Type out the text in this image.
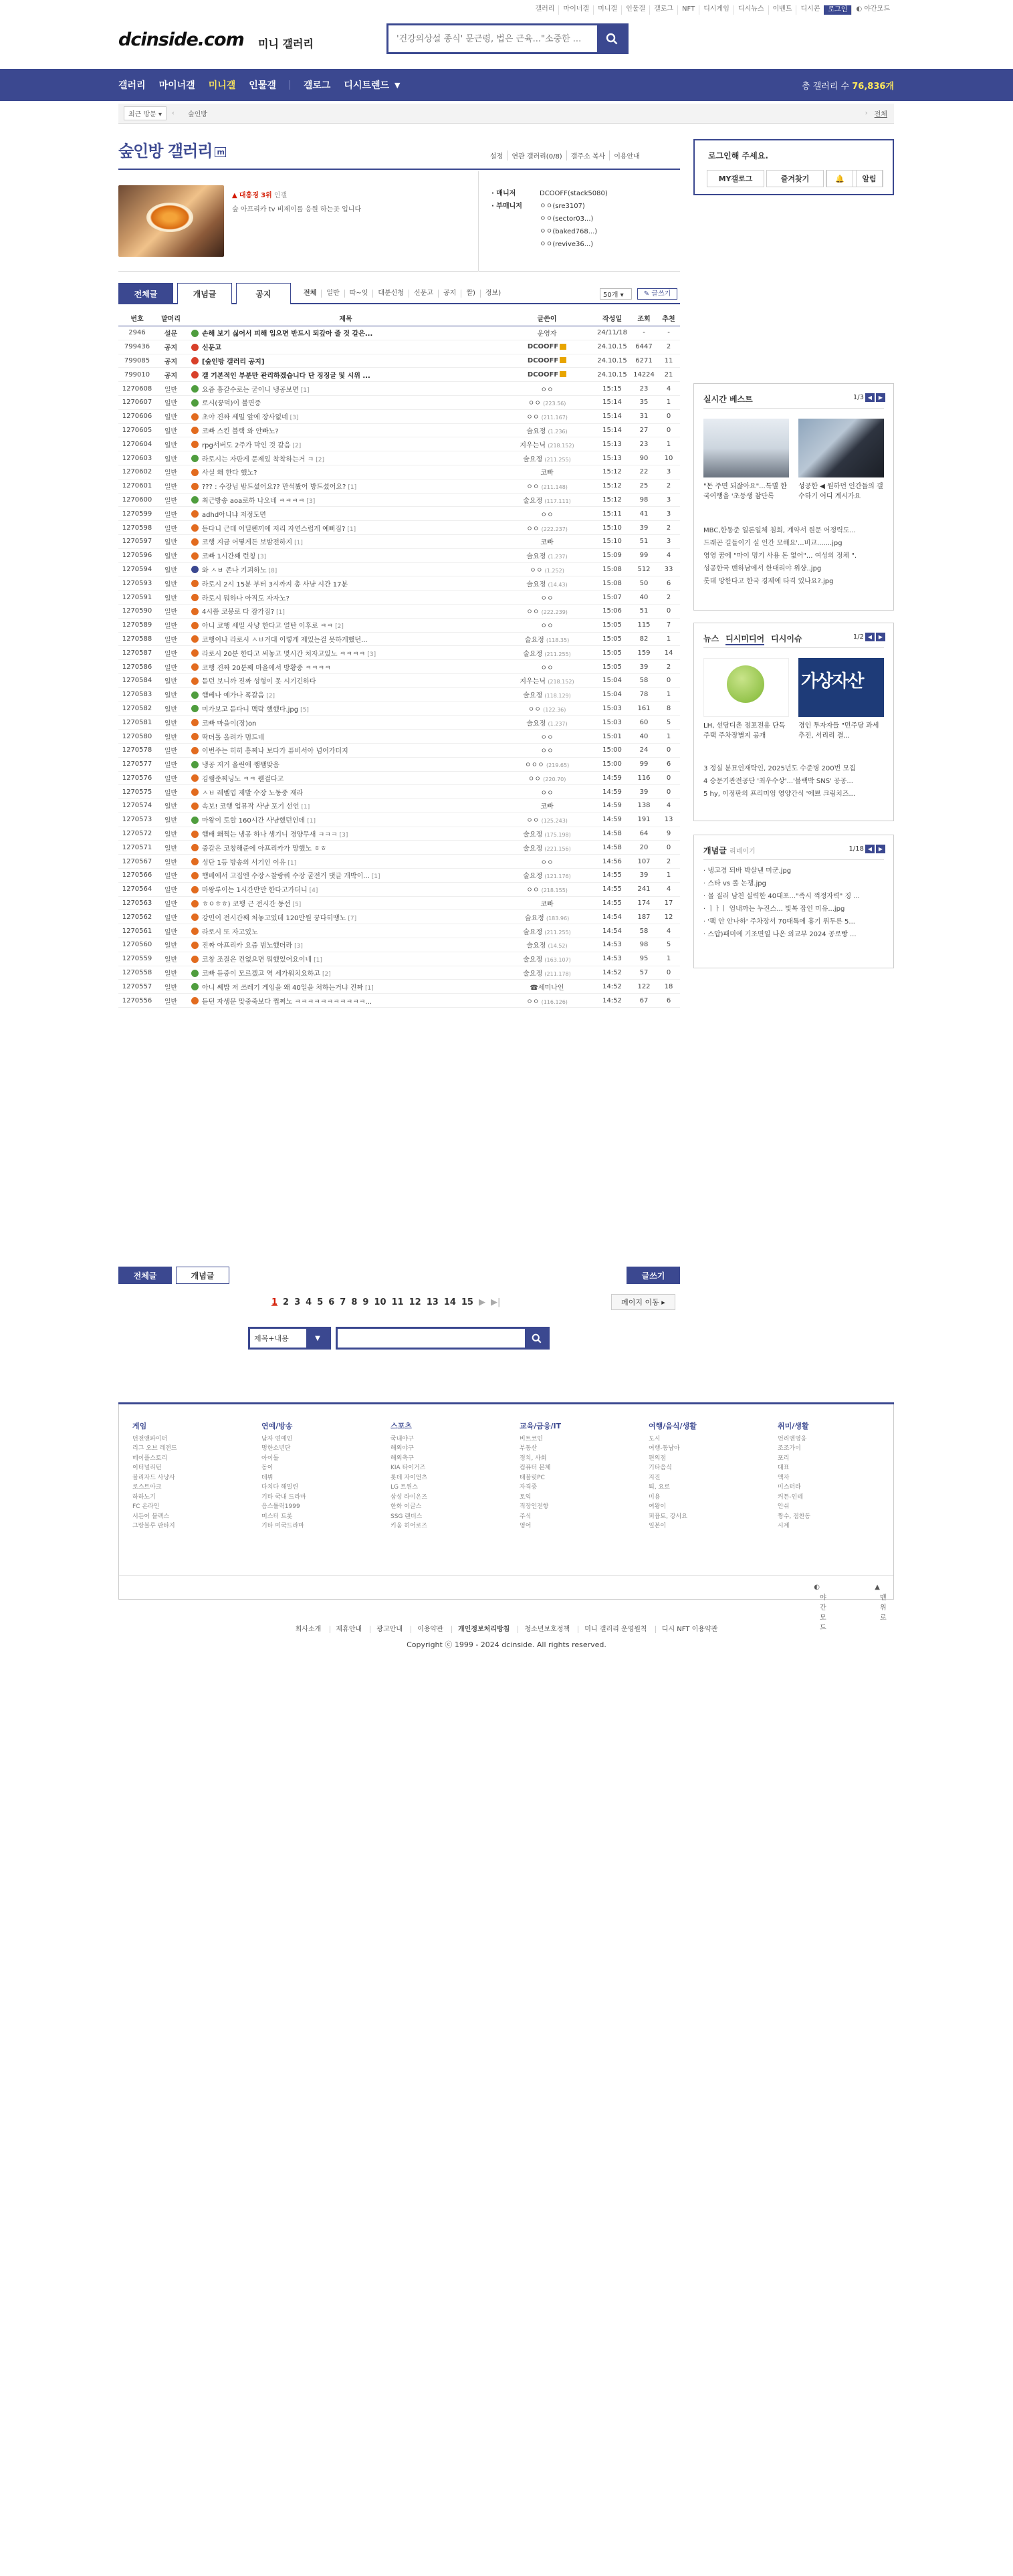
갤러리	마이너갤	미니갤	인물갤	갤로그	NFT	디시게임	디시뉴스	이벤트	디시콘	로그인	◐ 야간모드
dcinside.com 미니 갤러리
'건강의상설 종식' 문근령, 법은 근육..."소중한 ...
갤러리 마이너갤 미니갤 인물갤	갤로그 디시트렌드 ▼	총 갤러리 수 76,836개
최근 방문 ▾	‹ 숲인방	› 전체
숲인방 갤러리 m
설정	연관 갤러리(0/8)	갤주소 복사	이용안내
▲ 대흥경 3위 인갤
숲 아프리카 tv 비제이를 응원 하는곳 입니다
· 매니저	DCOOFF(stack5080)
· 부매니저	ㅇㅇ(sre3107)
ㅇㅇ(sector03...)
ㅇㅇ(baked768...)
ㅇㅇ(revive36...)
전체글	개념글	공지	전체	일반	따~잇	대분신청	신문고	공지	짤)	정보)	50개 ▾	✎ 글쓰기
번호	말머리	제목	글쓴이	작성일	조회	추천
2946	설문	손해 보기 싫어서 피해 입으면 반드시 되갚아 줄 것 같은...	운영자	24/11/18	-	-
799436	공지	신문고	DCOOFF	24.10.15	6447	2
799085	공지	[숲인방 갤러리 공지]	DCOOFF	24.10.15	6271	11
799010	공지	갤 기본적인 부분만 관리하겠습니다 단 징징글 및 시위 ...	DCOOFF	24.10.15 14224	21
1270608	일반	요즘 흉갈수로는 굳이니 냉공보면 [1]	ㅇㅇ	15:15	23	4
1270607	일반	로시(꿍덕)이 불면증	ㅇㅇ (223.56)	15:14	35	1
1270606	일반	초야 진짜 세밀 앞에 장사없네 [3]	ㅇㅇ (211.167)	15:14	31	0
1270605	일반	코빠 스킨 블랙 와 안빠노?	술요정 (1.236)	15:14	27	0
1270604	일반	rpg서버도 2주가 막인 것 같음 [2]	지우는닉 (218.152)	15:13	23	1
1270603	일반	라로시는 자판게 문제있 착착하는거 ㅋ [2]	술요정 (211.255)	15:13	90	10
1270602	일반	사실 왜 한다 했노?	코빠	15:12	22	3
1270601	일반	??? : 수장님 밤드셨어요?? 만석봤어 방드셨어요? [1]	ㅇㅇ (211.148)	15:12	25	2
1270600	일반	최근방송 aoa로하 나오네 ㅋㅋㅋㅋ [3]	술요정 (117.111)	15:12	98	3
1270599	일반	adhd아니냐 저정도면	ㅇㅇ	15:11	41	3
1270598	일반	듣다니 근데 어딜펜끼에 저리 자연스럽게 예뻐짐? [1]	ㅇㅇ (222.237)	15:10	39	2
1270597	일반	코행 지금 어떻게든 보밤전하지 [1]	코빠	15:10	51	3
1270596	일반	코빠 1시간째 런칭 [3]	술요정 (1.237)	15:09	99	4
1270594	일반	와 ㅅㅂ 존나 기괴하노 [8]	ㅇㅇ (1.252)	15:08	512	33
1270593	일반	라로시 2시 15분 부터 3시까지 총 사냥 시간 17분	술요정 (14.43)	15:08	50	6
1270591	일반	라로시 뭐하나 아직도 자자노?	ㅇㅇ	15:07	40	2
1270590	일반	4시쯤 코봉로 다 잠가짐? [1]	ㅇㅇ (222.239)	15:06	51	0
1270589	일반	아니 코행 세밀 사냥 한다고 얼탄 이후로 ㅋㅋ [2]	ㅇㅇ	15:05	115	7
1270588	일반	코행이나 라로시 ㅅㅂ거대 이렇게 제있는걸 못하게했던...	술요정 (118.35)	15:05	82	1
1270587	일반	라로시 20분 한다고 써놓고 몇시간 처자고있노 ㅋㅋㅋㅋ [3]	술요정 (211.255)	15:05	159	14
1270586	일반	코행 진짜 20분째 마을에서 방황중 ㅋㅋㅋㅋ	ㅇㅇ	15:05	39	2
1270584	일반	듣던 보니까 진짜 성형이 못 시기긴하다	지우는닉 (218.152)	15:04	58	0
1270583	일반	햄베나 예가나 폭같음 [2]	술요정 (118.129)	15:04	78	1
1270582	일반	미가보고 듣다니 맥락 했했다.jpg [5]	ㅇㅇ (122.36)	15:03	161	8
1270581	일반	코빠 마을이(장)on	술요정 (1.237)	15:03	60	5
1270580	일반	딱더톨 올려가 멈드네	ㅇㅇ	15:01	40	1
1270578	일반	이번주는 히히 흥찌나 보다가 퓨비서아 넘어가더지	ㅇㅇ	15:00	24	0
1270577	일반	냉공 저거 올린애 쨈쨈맞음	ㅇㅇㅇ (219.65)	15:00	99	6
1270576	일반	김쌤준찌닝노 ㅋㅋ 웬걸다고	ㅇㅇ (220.70)	14:59	116	0
1270575	일반	ㅅㅂ 레벨업 제발 수장 노동중 재라	ㅇㅇ	14:59	39	0
1270574	일반	속보! 코행 업뮤작 사냥 포기 선언 [1]	코빠	14:59	138	4
1270573	일반	마왕이 토할 160시간 사냥했던인데 [1]	ㅇㅇ (125.243)	14:59	191	13
1270572	일반	햄배 왜찍는 냉공 하나 생기니 경양무새 ㅋㅋㅋ [3]	술요정 (175.198)	14:58	64	9
1270571	일반	중갈은 코창해준에 아프리카가 망했노 ㅎㅎ	술요정 (221.156)	14:58	20	0
1270567	일반	성단 1등 방송의 서기인 이유 [1]	ㅇㅇ	14:56	107	2
1270566	일반	햄베에서 고집엔 수장ㅅ찰랑쿼 수장 굴전거 댓글 개박이... [1]	술요정 (121.176)	14:55	39	1
1270564	일반	마왕루이는 1시간반만 한다고가더니 [4]	ㅇㅇ (218.155)	14:55	241	4
1270563	일반	ㅎㅇㅎㅎ) 코행 근 전시간 동선 [5]	코빠	14:55	174	17
1270562	일반	강민이 전시간째 처놓고있데 120만원 꿍다히땡노 [7]	술요정 (183.96)	14:54	187	12
1270561	일반	라로시 또 자고있노	술요정 (211.255)	14:54	58	4
1270560	일반	진짜 아프리카 요즘 범노했더라 [3]	술요정 (14.52)	14:53	98	5
1270559	일반	코창 조질은 컨없으면 뭐했었어요이네 [1]	술요정 (163.107)	14:53	95	1
1270558	일반	코빠 듣중이 모르겠고 역 세가워치요하고 [2]	술요정 (211.178)	14:52	57	0
1270557	일반	아니 쎄밥 저 쓰레기 게임을 왜 40일을 처하는거냐 진짜 [1]	☎세미나인	14:52	122	18
1270556	일반	듣던 자생문 맞중죽보다 쩝쩌노 ㅋㅋㅋㅋㅋㅋㅋㅋㅋㅋㅋ...	ㅇㅇ (116.126)	14:52	67	6
전체글	개념글	글쓰기
1 2 3 4 5 6 7 8 9 10 11 12 13 14 15 ▶ ▶|	페이지 이동 ▸
제목+내용	▼
로그인해 주세요.
MY갤로그	즐겨찾기	🔔
	알림
실시간 베스트	1/3 ◀	▶
"돈 주면 되잖아요"...특별 한국여행을 '초등생 참단록
성공한 ◀ 원하던 인간들의 갤수하기 어디 계시가요
MBC,한동준 일론일체 침회, 계약서 원문 어정력도...
드래곤 길들이기 실 인간 모해요'...비교.......jpg
영영 꿈에 "마이 멍기 사용 돈 없어"... 여성의 정체 ".
성공한국 밴하남에서 한대리야 위샹..jpg
롯데 망한다고 한국 경제에 타격 있나요?.jpg
뉴스 디시미디어 디시이슈	1/2 ◀	▶
가상자산
LH, 선당디촌 점포전용 단독주택 주차장별지 공개
경인 투자자들 "민주당 과세 추진, 서리리 결...
3 정실 분묘인재탁인, 2025년도 수준병 200번 모집
4 승문기관전공단 '최우수상'...'블랙박 SNS' 공공...
5 hy, 이정판의 프리미엄 영양간식 '에쁘 크림치즈...
개념글 리네이기	1/18 ◀	▶
· 냉고경 되바 박살낸 미군.jpg
· 스타 vs 롤 논쟁.jpg
· 물 질러 남친 실력한 40대포..."족시 꺽정자력" 징 ...
· ㅣㅏㅣ 엄내까는 누진스... 빛복 잡인 미유...jpg
· '팩 안 안나하' 주차장서 70대특에 흉기 뤼두른 5...
· 스압)패미에 기조면일 나온 외교부 2024 공로빵 ...
게임
던전앤파이터
리그 오브 레전드
메이플스토리
이터널리턴
블리자드 사냥사
로스트아크
하하노기
FC 온라인
서든어 블랙스
그랑블루 판타지
연예/방송
남자 연예인
멍한소년단
아이돌
동이
데뷔
다치다 해밀린
기타 국내 드라마
음스틀릭1999
미스터 트롯
기타 미국드라마
스포츠
국내야구
해외야구
해외축구
KIA 타이거즈
롯데 자이언츠
LG 트윈스
삼성 라이온즈
한화 이글스
SSG 랜더스
키움 히어로즈
교육/금융/IT
비트코인
부동산
정치, 사회
컴퓨터 본체
태블릿PC
자격증
토익
직장인전항
주식
영어
여행/음식/생활
도시
여행-동남아
편의점
기타음식
지진
퇴, 요로
미용
여왕이
퍼퓸토, 강서요
일본이
취미/생활
언리엔영웅
조조가이
포리
대표
액자
미스터라
커튼-인테
안쉬
짱수, 점찬동
시계
◐
야간모드
▲
맨위로
회사소개 제휴안내 광고안내 이용약관 개인정보처리방침 청소년보호정책 미니 갤러리 운영원칙 디시 NFT 이용약관
Copyright ⓒ 1999 - 2024 dcinside. All rights reserved.
